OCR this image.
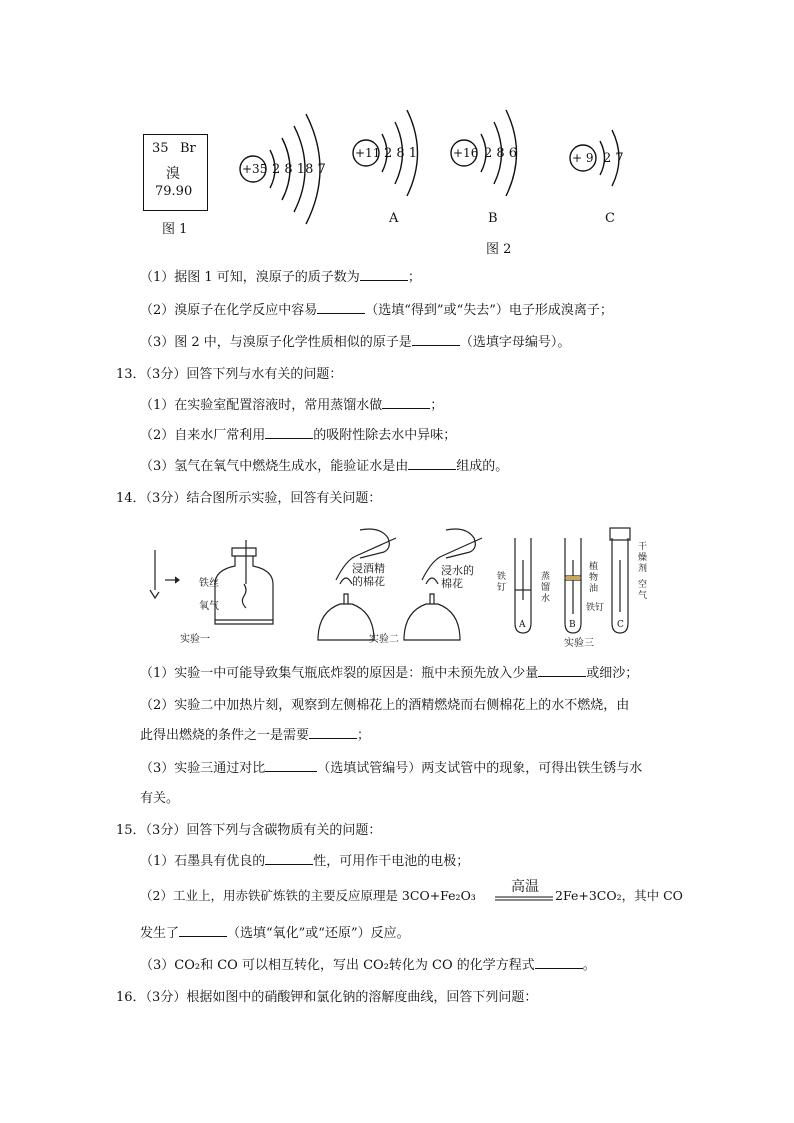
35 Br
溴
79.90
图 1
+35 2 8 18 7
+11 2 8 1	+16 2 8 6	+ 9 2 7
A	B	C
图 2
（1）据图 1 可知，溴原子的质子数为	；
（2）溴原子在化学反应中容易	（选填“得到”或“失去”）电子形成溴离子；
（3）图 2 中，与溴原子化学性质相似的原子是	（选填字母编号）。
13．（3分）回答下列与水有关的问题：
（1）在实验室配置溶液时，常用蒸馏水做	；
（2）自来水厂常利用	的吸附性除去水中异味；
（3）氢气在氧气中燃烧生成水，能验证水是由	组成的。
14．（3分）结合图所示实验，回答有关问题：
铁丝
氧气
实验一
浸酒精
的棉花
浸水的
棉花
实验二
铁
钉
蒸
馏
水
植
物
油
铁钉
干
燥
剂
空
气
A	B	C
实验三
（1）实验一中可能导致集气瓶底炸裂的原因是：瓶中未预先放入少量	或细沙；
（2）实验二中加热片刻，观察到左侧棉花上的酒精燃烧而右侧棉花上的水不燃烧，由
此得出燃烧的条件之一是需要	；
（3）实验三通过对比	（选填试管编号）两支试管中的现象，可得出铁生锈与水
有关。
15．（3分）回答下列与含碳物质有关的问题：
（1）石墨具有优良的	性，可用作干电池的电极；
（2）工业上，用赤铁矿炼铁的主要反应原理是 3CO+Fe₂O₃
高温
2Fe+3CO₂，其中 CO
发生了	（选填“氧化”或“还原”）反应。
（3）CO₂和 CO 可以相互转化，写出 CO₂转化为 CO 的化学方程式	。
16．（3分）根据如图中的硝酸钾和氯化钠的溶解度曲线，回答下列问题：
